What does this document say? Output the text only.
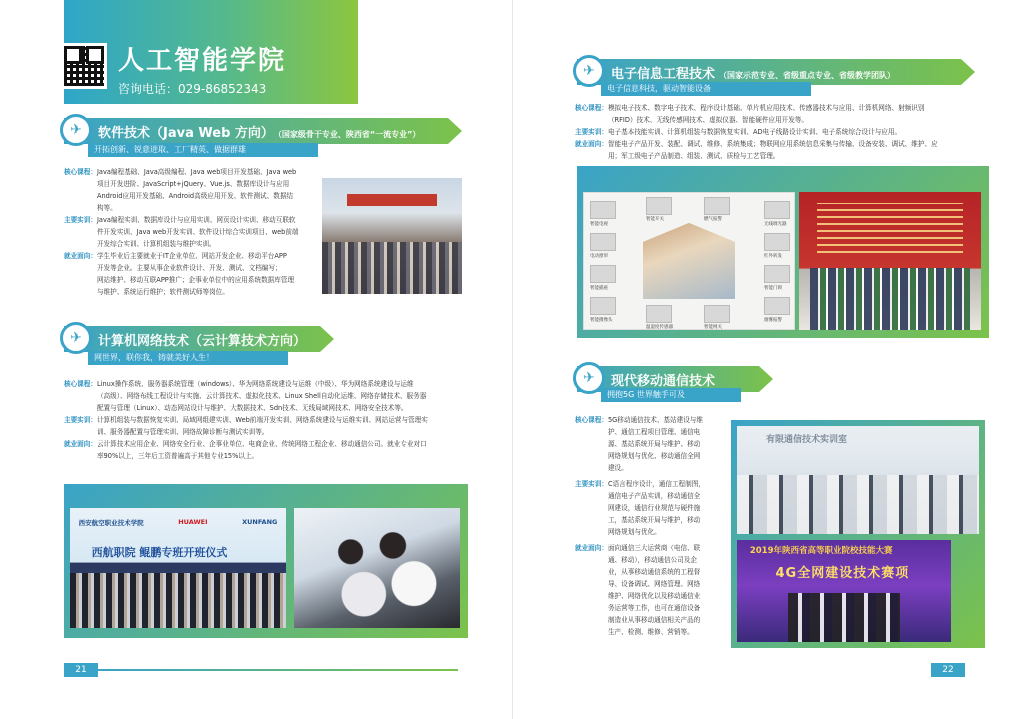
人工智能学院
咨询电话：029-86852343
✈ 软件技术（Java Web 方向） （国家级骨干专业、陕西省“一流专业”）
开拓创新、锐意进取、工厂精英、做据群雄
核心课程： Java编程基础、Java高级编程、Java web项目开发基础、Java web
项目开发进阶、JavaScript+jQuery、Vue.js、数据库设计与应用
Android应用开发基础、Android高级应用开发、软件测试、数据结
构等。
主要实训： Java编程实训、数据库设计与应用实训、网页设计实训、移动互联软
件开发实训、Java web开发实训、软件设计综合实训项目、web前端
开发综合实训、计算机组装与维护实训。
就业面向： 学生毕业后主要就业于IT企业单位、网站开发企业、移动平台APP
开发等企业。主要从事企业软件设计、开发、测试、文档编写；
网站维护、移动互联APP推广；企事业单位中的应用系统数据库管理
与维护、系统运行维护；软件测试师等岗位。
✈ 计算机网络技术（云计算技术方向）
网世界，联你我，铸就美好人生！
核心课程： Linux操作系统、服务器系统管理（windows）、华为网络系统建设与运维（中级）、华为网络系统建设与运维
（高级）、网络布线工程设计与实施、云计算技术、虚拟化技术、Linux Shell自动化运维、网络存储技术、服务器
配置与管理（Linux）、动态网站设计与维护、大数据技术、Sdn技术、无线局域网技术、网络安全技术等。
主要实训： 计算机组装与数据恢复实训、局域网组建实训、Web前端开发实训、网络系统建设与运维实训、网站运营与管理实
训、服务器配置与管理实训、网络故障诊断与测试实训等。
就业面向： 云计算技术应用企业、网络安全行业、企事业单位、电商企业、传统网络工程企业、移动通信公司。就业专业对口
率90%以上，三年后工资普遍高于其他专业15%以上。
西安航空职业技术学院	HUAWEI	XUNFANG
西航职院 鲲鹏专班开班仪式
21
✈ 电子信息工程技术 （国家示范专业、省级重点专业、省级教学团队）
电子信息科技，驱动智能设备
核心课程： 模拟电子技术、数字电子技术、程序设计基础、单片机应用技术、传感器技术与应用、计算机网络、射频识别
（RFID）技术、无线传感网技术、虚拟仪器、智能硬件应用开发等。
主要实训： 电子基本技能实训、计算机组装与数据恢复实训、AD电子线路设计实训、电子系统综合设计与应用。
就业面向： 智能电子产品开发、装配、调试、维修、系统集成；物联网应用系统信息采集与传输、设备安装、调试、维护、应
用；军工级电子产品制造、组装、测试、质检与工艺管理。
智能电视
电动窗帘
智能插座
智能摄像头
无线调光器
红外转发
智能门锁
烟雾报警
温湿度传感器	智能网关
智能开关	燃气报警
✈ 现代移动通信技术
拥抱5G 世界触手可及
核心课程： 5G移动通信技术、基站建设与维
护、通信工程项目管理、通信电
源、基站系统开局与维护、移动
网络规划与优化、移动通信全网
建设。
主要实训： C语言程序设计，通信工程制图，
通信电子产品实训，移动通信全
网建设，通信行业规范与硬件施
工，基站系统开局与维护，移动
网络规划与优化。
就业面向： 面向通信三大运营商（电信、联
通、移动），移动通信公司及企
业，从事移动通信系统的工程督
导、设备调试、网络管理、网络
维护、网络优化以及移动通信业
务运营等工作，也可在通信设备
制造业从事移动通信相关产品的
生产、检测、维修、营销等。
有限通信技术实训室
2019年陕西省高等职业院校技能大赛
4G全网建设技术赛项
22
